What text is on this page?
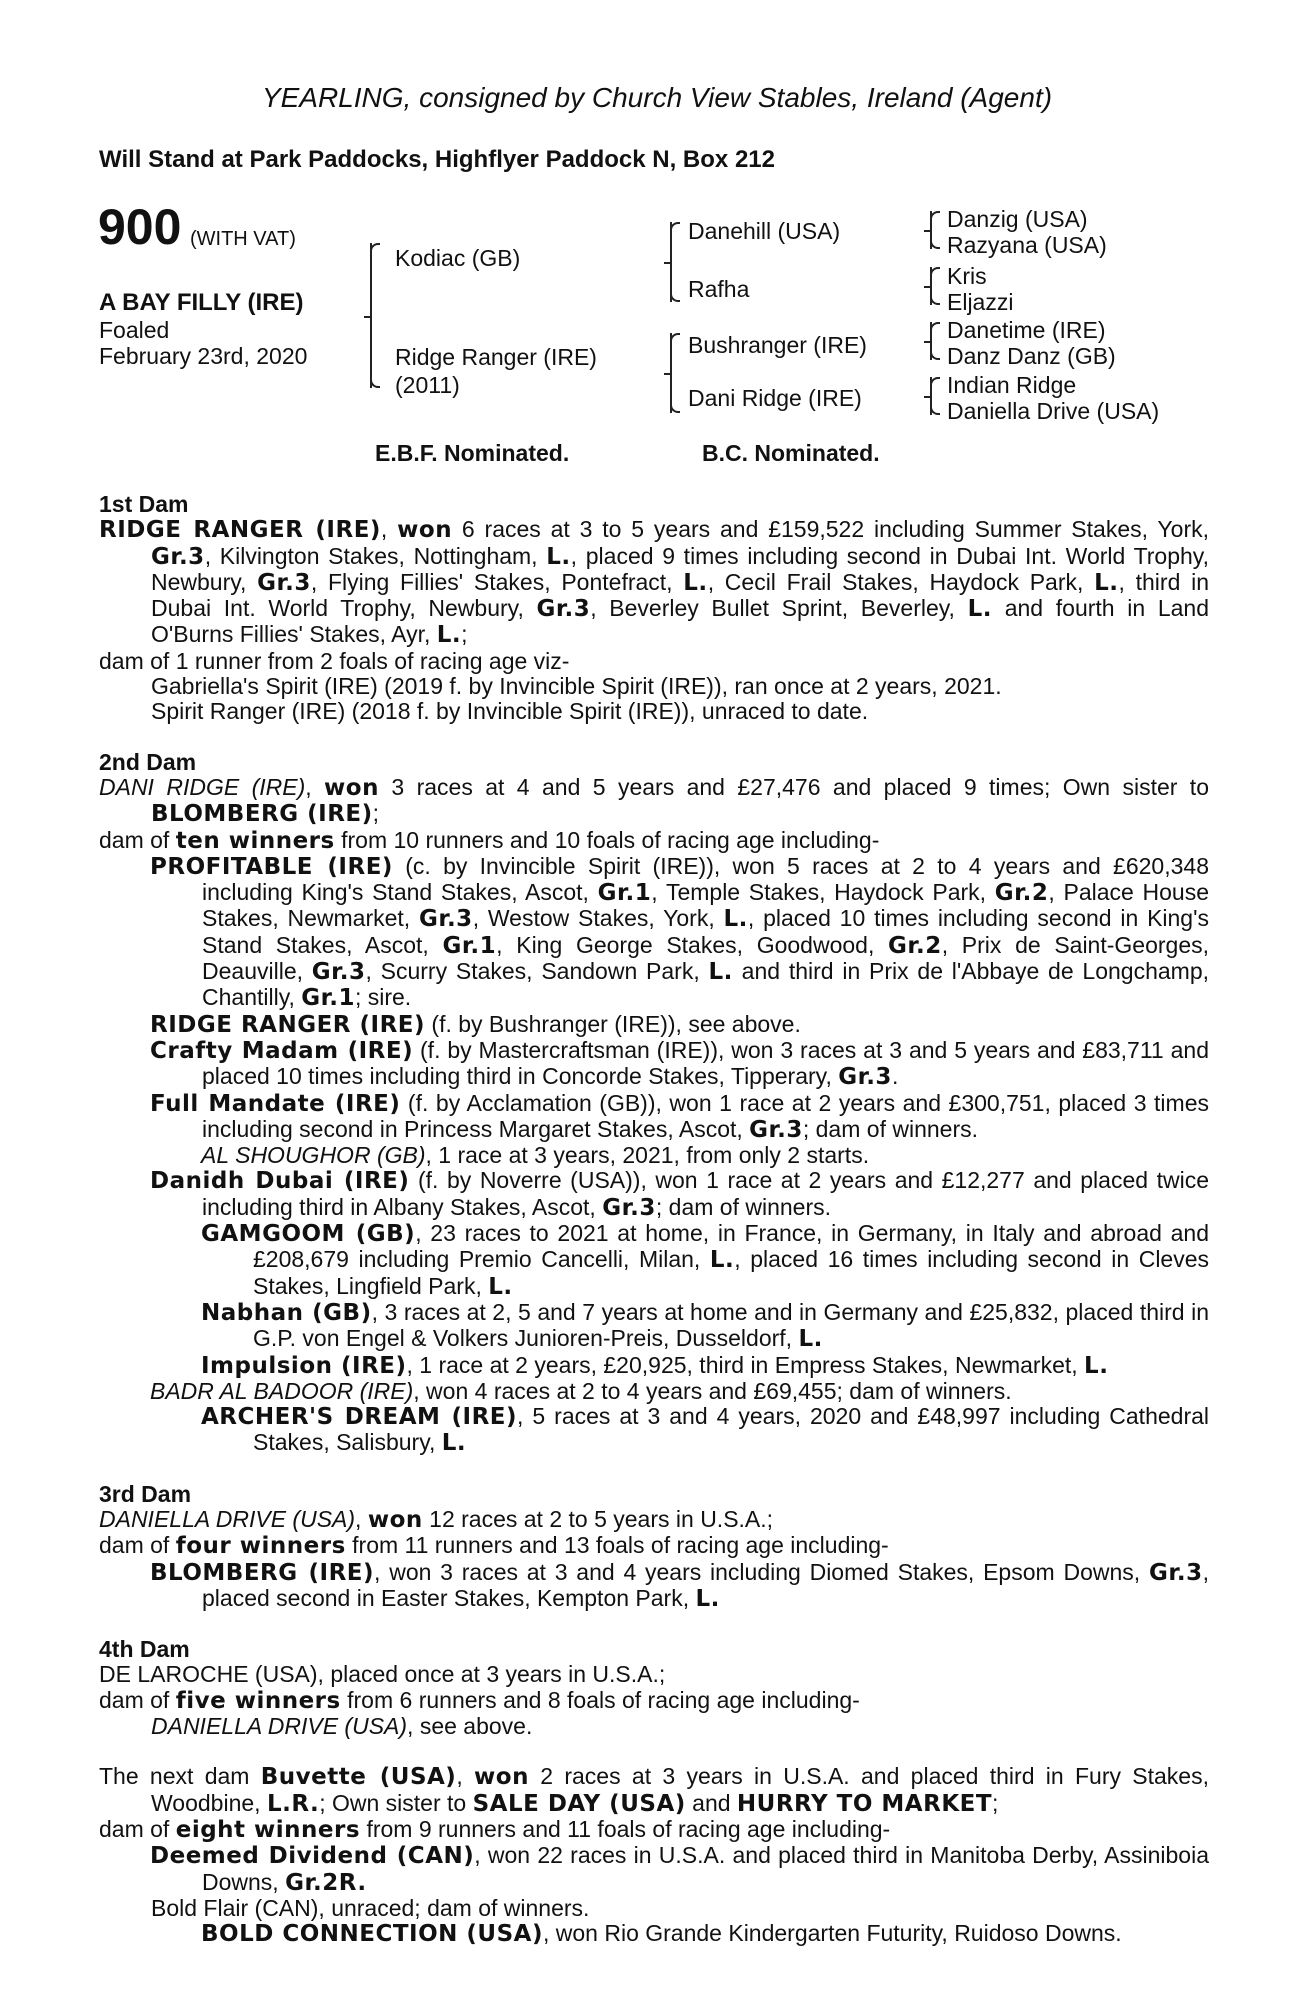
YEARLING, consigned by Church View Stables, Ireland (Agent)
Will Stand at Park Paddocks, Highflyer Paddock N, Box 212
900 (WITH VAT)
A BAY FILLY (IRE)
Foaled
February 23rd, 2020
Kodiac (GB)
Ridge Ranger (IRE)
(2011)
Danehill (USA)
Rafha
Bushranger (IRE)
Dani Ridge (IRE)
Danzig (USA)
Razyana (USA)
Kris
Eljazzi
Danetime (IRE)
Danz Danz (GB)
Indian Ridge
Daniella Drive (USA)
E.B.F. Nominated.	B.C. Nominated.
1st Dam

RIDGE RANGER (IRE), won 6 races at 3 to 5 years and £159,522 including Summer Stakes, York, Gr.3, Kilvington Stakes, Nottingham, L., placed 9 times including second in Dubai Int. World Trophy, Newbury, Gr.3, Flying Fillies' Stakes, Pontefract, L., Cecil Frail Stakes, Haydock Park, L., third in Dubai Int. World Trophy, Newbury, Gr.3, Beverley Bullet Sprint, Beverley, L. and fourth in Land O'Burns Fillies' Stakes, Ayr, L.;

dam of 1 runner from 2 foals of racing age viz-

Gabriella's Spirit (IRE) (2019 f. by Invincible Spirit (IRE)), ran once at 2 years, 2021.

Spirit Ranger (IRE) (2018 f. by Invincible Spirit (IRE)), unraced to date.

2nd Dam

DANI RIDGE (IRE), won 3 races at 4 and 5 years and £27,476 and placed 9 times; Own sister to BLOMBERG (IRE);

dam of ten winners from 10 runners and 10 foals of racing age including-

PROFITABLE (IRE) (c. by Invincible Spirit (IRE)), won 5 races at 2 to 4 years and £620,348 including King's Stand Stakes, Ascot, Gr.1, Temple Stakes, Haydock Park, Gr.2, Palace House Stakes, Newmarket, Gr.3, Westow Stakes, York, L., placed 10 times including second in King's Stand Stakes, Ascot, Gr.1, King George Stakes, Goodwood, Gr.2, Prix de Saint-Georges, Deauville, Gr.3, Scurry Stakes, Sandown Park, L. and third in Prix de l'Abbaye de Longchamp, Chantilly, Gr.1; sire.

RIDGE RANGER (IRE) (f. by Bushranger (IRE)), see above.

Crafty Madam (IRE) (f. by Mastercraftsman (IRE)), won 3 races at 3 and 5 years and £83,711 and placed 10 times including third in Concorde Stakes, Tipperary, Gr.3.

Full Mandate (IRE) (f. by Acclamation (GB)), won 1 race at 2 years and £300,751, placed 3 times including second in Princess Margaret Stakes, Ascot, Gr.3; dam of winners.

AL SHOUGHOR (GB), 1 race at 3 years, 2021, from only 2 starts.

Danidh Dubai (IRE) (f. by Noverre (USA)), won 1 race at 2 years and £12,277 and placed twice including third in Albany Stakes, Ascot, Gr.3; dam of winners.

GAMGOOM (GB), 23 races to 2021 at home, in France, in Germany, in Italy and abroad and £208,679 including Premio Cancelli, Milan, L., placed 16 times including second in Cleves Stakes, Lingfield Park, L.

Nabhan (GB), 3 races at 2, 5 and 7 years at home and in Germany and £25,832, placed third in G.P. von Engel & Volkers Junioren-Preis, Dusseldorf, L.

Impulsion (IRE), 1 race at 2 years, £20,925, third in Empress Stakes, Newmarket, L.

BADR AL BADOOR (IRE), won 4 races at 2 to 4 years and £69,455; dam of winners.

ARCHER'S DREAM (IRE), 5 races at 3 and 4 years, 2020 and £48,997 including Cathedral Stakes, Salisbury, L.

3rd Dam

DANIELLA DRIVE (USA), won 12 races at 2 to 5 years in U.S.A.;

dam of four winners from 11 runners and 13 foals of racing age including-

BLOMBERG (IRE), won 3 races at 3 and 4 years including Diomed Stakes, Epsom Downs, Gr.3, placed second in Easter Stakes, Kempton Park, L.

4th Dam

DE LAROCHE (USA), placed once at 3 years in U.S.A.;

dam of five winners from 6 runners and 8 foals of racing age including-

DANIELLA DRIVE (USA), see above.

The next dam Buvette (USA), won 2 races at 3 years in U.S.A. and placed third in Fury Stakes, Woodbine, L.R.; Own sister to SALE DAY (USA) and HURRY TO MARKET;

dam of eight winners from 9 runners and 11 foals of racing age including-

Deemed Dividend (CAN), won 22 races in U.S.A. and placed third in Manitoba Derby, Assiniboia Downs, Gr.2R.

Bold Flair (CAN), unraced; dam of winners.

BOLD CONNECTION (USA), won Rio Grande Kindergarten Futurity, Ruidoso Downs.
